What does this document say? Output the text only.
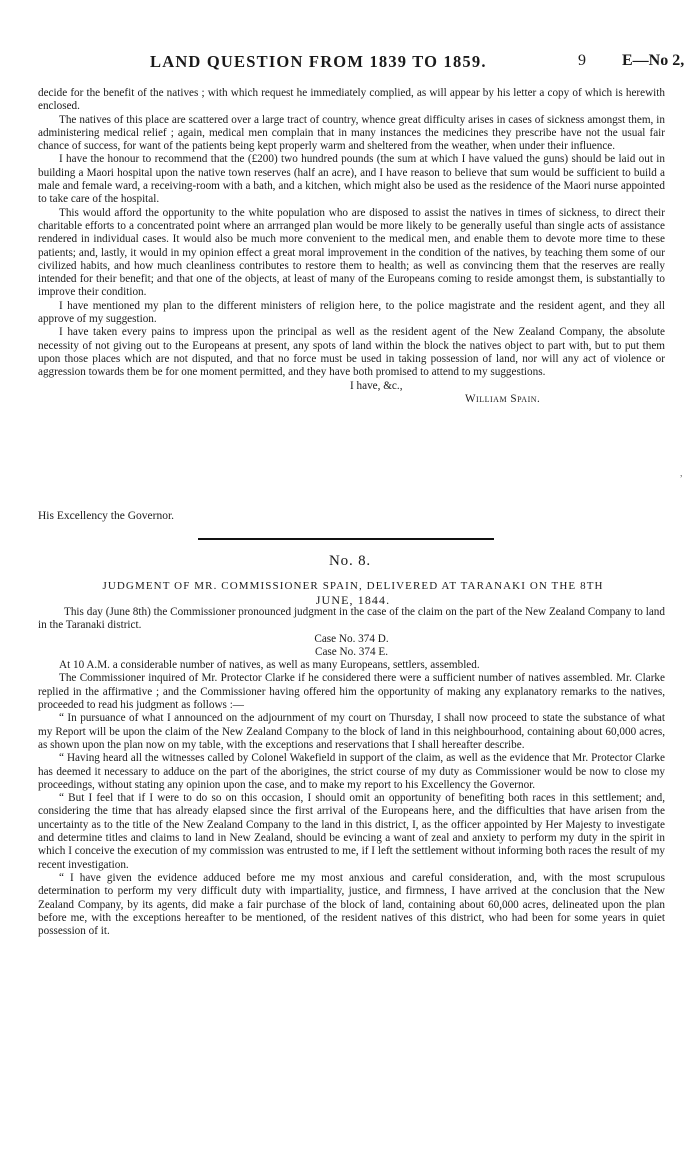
LAND QUESTION FROM 1839 TO 1859.	9 E—No 2,

decide for the benefit of the natives ; with which request he immediately complied, as will appear by his letter a copy of which is herewith enclosed.

The natives of this place are scattered over a large tract of country, whence great difficulty arises in cases of sickness amongst them, in administering medical relief ; again, medical men complain that in many instances the medicines they prescribe have not the usual fair chance of success, for want of the patients being kept properly warm and sheltered from the weather, when under their influence.

I have the honour to recommend that the (£200) two hundred pounds (the sum at which I have valued the guns) should be laid out in building a Maori hospital upon the native town reserves (half an acre), and I have reason to believe that sum would be sufficient to build a male and female ward, a receiving-room with a bath, and a kitchen, which might also be used as the residence of the Maori nurse appointed to take care of the hospital.

This would afford the opportunity to the white population who are disposed to assist the natives in times of sickness, to direct their charitable efforts to a concentrated point where an arrranged plan would be more likely to be generally useful than single acts of assistance rendered in individual cases. It would also be much more convenient to the medical men, and enable them to devote more time to these patients; and, lastly, it would in my opinion effect a great moral improvement in the condition of the natives, by teaching them some of our civilized habits, and how much cleanliness contributes to restore them to health; as well as convincing them that the reserves are really intended for their benefit; and that one of the objects, at least of many of the Europeans coming to reside amongst them, is substantially to improve their condition.

I have mentioned my plan to the different ministers of religion here, to the police magistrate and the resident agent, and they all approve of my suggestion.

I have taken every pains to impress upon the principal as well as the resident agent of the New Zealand Company, the absolute necessity of not giving out to the Europeans at present, any spots of land within the block the natives object to part with, but to put them upon those places which are not disputed, and that no force must be used in taking possession of land, nor will any act of violence or aggression towards them be for one moment permitted, and they have both promised to attend to my suggestions.

I have, &c.,
William Spain.
His Excellency the Governor.
No. 8.
JUDGMENT OF MR. COMMISSIONER SPAIN, DELIVERED AT TARANAKI ON THE 8TH
JUNE, 1844.
,

This day (June 8th) the Commissioner pronounced judgment in the case of the claim on the part of the New Zealand Company to land in the Taranaki district.

Case No. 374 D.

Case No. 374 E.

At 10 A.M. a considerable number of natives, as well as many Europeans, settlers, assembled.

The Commissioner inquired of Mr. Protector Clarke if he considered there were a sufficient number of natives assembled. Mr. Clarke replied in the affirmative ; and the Commissioner having offered him the opportunity of making any explanatory remarks to the natives, proceeded to read his judgment as follows :—

“ In pursuance of what I announced on the adjournment of my court on Thursday, I shall now proceed to state the substance of what my Report will be upon the claim of the New Zealand Company to the block of land in this neighbourhood, containing about 60,000 acres, as shown upon the plan now on my table, with the exceptions and reservations that I shall hereafter describe.

“ Having heard all the witnesses called by Colonel Wakefield in support of the claim, as well as the evidence that Mr. Protector Clarke has deemed it necessary to adduce on the part of the aborigines, the strict course of my duty as Commissioner would be now to close my proceedings, without stating any opinion upon the case, and to make my report to his Excellency the Governor.

“ But I feel that if I were to do so on this occasion, I should omit an opportunity of benefiting both races in this settlement; and, considering the time that has already elapsed since the first arrival of the Europeans here, and the difficulties that have arisen from the uncertainty as to the title of the New Zealand Company to the land in this district, I, as the officer appointed by Her Majesty to investigate and determine titles and claims to land in New Zealand, should be evincing a want of zeal and anxiety to perform my duty in the spirit in which I conceive the execution of my commission was entrusted to me, if I left the settlement without informing both races the result of my recent investigation.

“ I have given the evidence adduced before me my most anxious and careful consideration, and, with the most scrupulous determination to perform my very difficult duty with impartiality, justice, and firmness, I have arrived at the conclusion that the New Zealand Company, by its agents, did make a fair purchase of the block of land, containing about 60,000 acres, delineated upon the plan before me, with the exceptions hereafter to be mentioned, of the resident natives of this district, who had been for some years in quiet possession of it.
